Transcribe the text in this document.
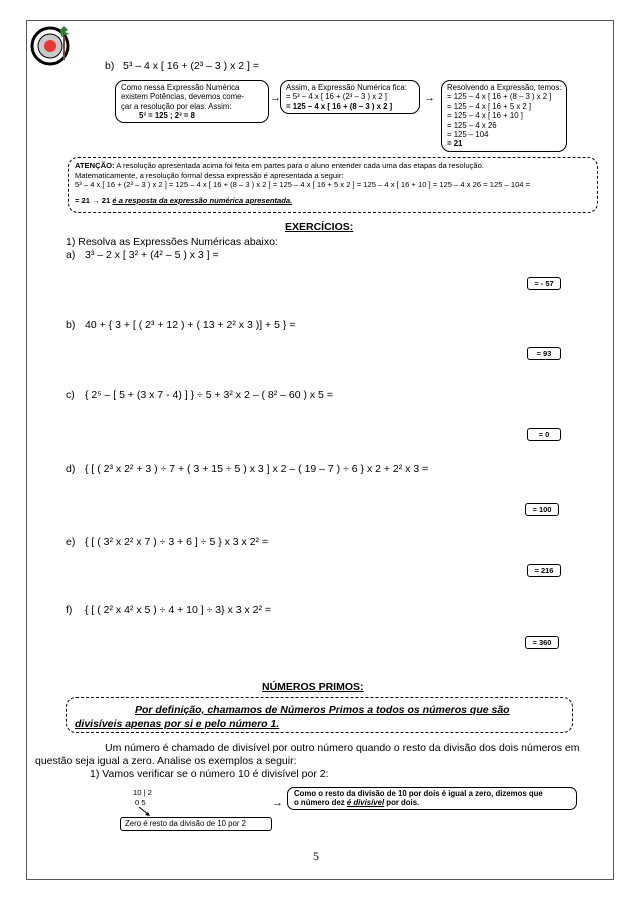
b) 5³ – 4 x [ 16 + (2³ – 3 ) x 2 ] =
Como nessa Expressão Numérica
existem Potências, devemos come-
çar a resolução por elas. Assim:
5³ = 125 ; 2³ = 8
→
Assim, a Expressão Numérica fica:
= 5³ – 4 x [ 16 + (2³ – 3 ) x 2 ]
= 125 – 4 x [ 16 + (8 – 3 ) x 2 ]
→
Resolvendo a Expressão, temos:
= 125 – 4 x [ 16 + (8 – 3 ) x 2 ]
= 125 – 4 x [ 16 + 5 x 2 ]
= 125 – 4 x [ 16 + 10 ]
= 125 – 4 x 26
= 125 – 104
= 21
ATENÇÃO: A resolução apresentada acima foi feita em partes para o aluno entender cada uma das etapas da resolução.
Matematicamente, a resolução formal dessa expressão é apresentada a seguir:
5³ – 4 x [ 16 + (2³ – 3 ) x 2 ] = 125 – 4 x [ 16 + (8 – 3 ) x 2 ] = 125 – 4 x [ 16 + 5 x 2 ] = 125 – 4 x [ 16 + 10 ] = 125 – 4 x 26 = 125 – 104 =
= 21 → 21 é a resposta da expressão numérica apresentada.
EXERCÍCIOS:
1) Resolva as Expressões Numéricas abaixo:
a) 3³ – 2 x [ 3² + (4² – 5 ) x 3 ] =
= - 57
b) 40 + { 3 + [ ( 2³ + 12 ) + ( 13 + 2² x 3 )] + 5 } =
= 93
c) { 2⁵ – [ 5 + (3 x 7 - 4) ] } ÷ 5 + 3² x 2 – ( 8² – 60 ) x 5 =
= 0
d) { [ ( 2³ x 2² + 3 ) ÷ 7 + ( 3 + 15 ÷ 5 ) x 3 ] x 2 – ( 19 – 7 ) ÷ 6 } x 2 + 2² x 3 =
= 100
e) { [ ( 3² x 2² x 7 ) ÷ 3 + 6 ] ÷ 5 } x 3 x 2² =
= 216
f) { [ ( 2² x 4² x 5 ) ÷ 4 + 10 ] ÷ 3} x 3 x 2² =
= 360
NÚMEROS PRIMOS:
Por definição, chamamos de Números Primos a todos os números que são
divisíveis apenas por si e pelo número 1.
Um número é chamado de divisível por outro número quando o resto da divisão dos dois números em
questão seja igual a zero. Analise os exemplos a seguir:
1) Vamos verificar se o número 10 é divisível por 2:
10 | 2
0 5
Zero é resto da divisão de 10 por 2
→
Como o resto da divisão de 10 por dois é igual a zero, dizemos que
o número dez é divisível por dois.
5
